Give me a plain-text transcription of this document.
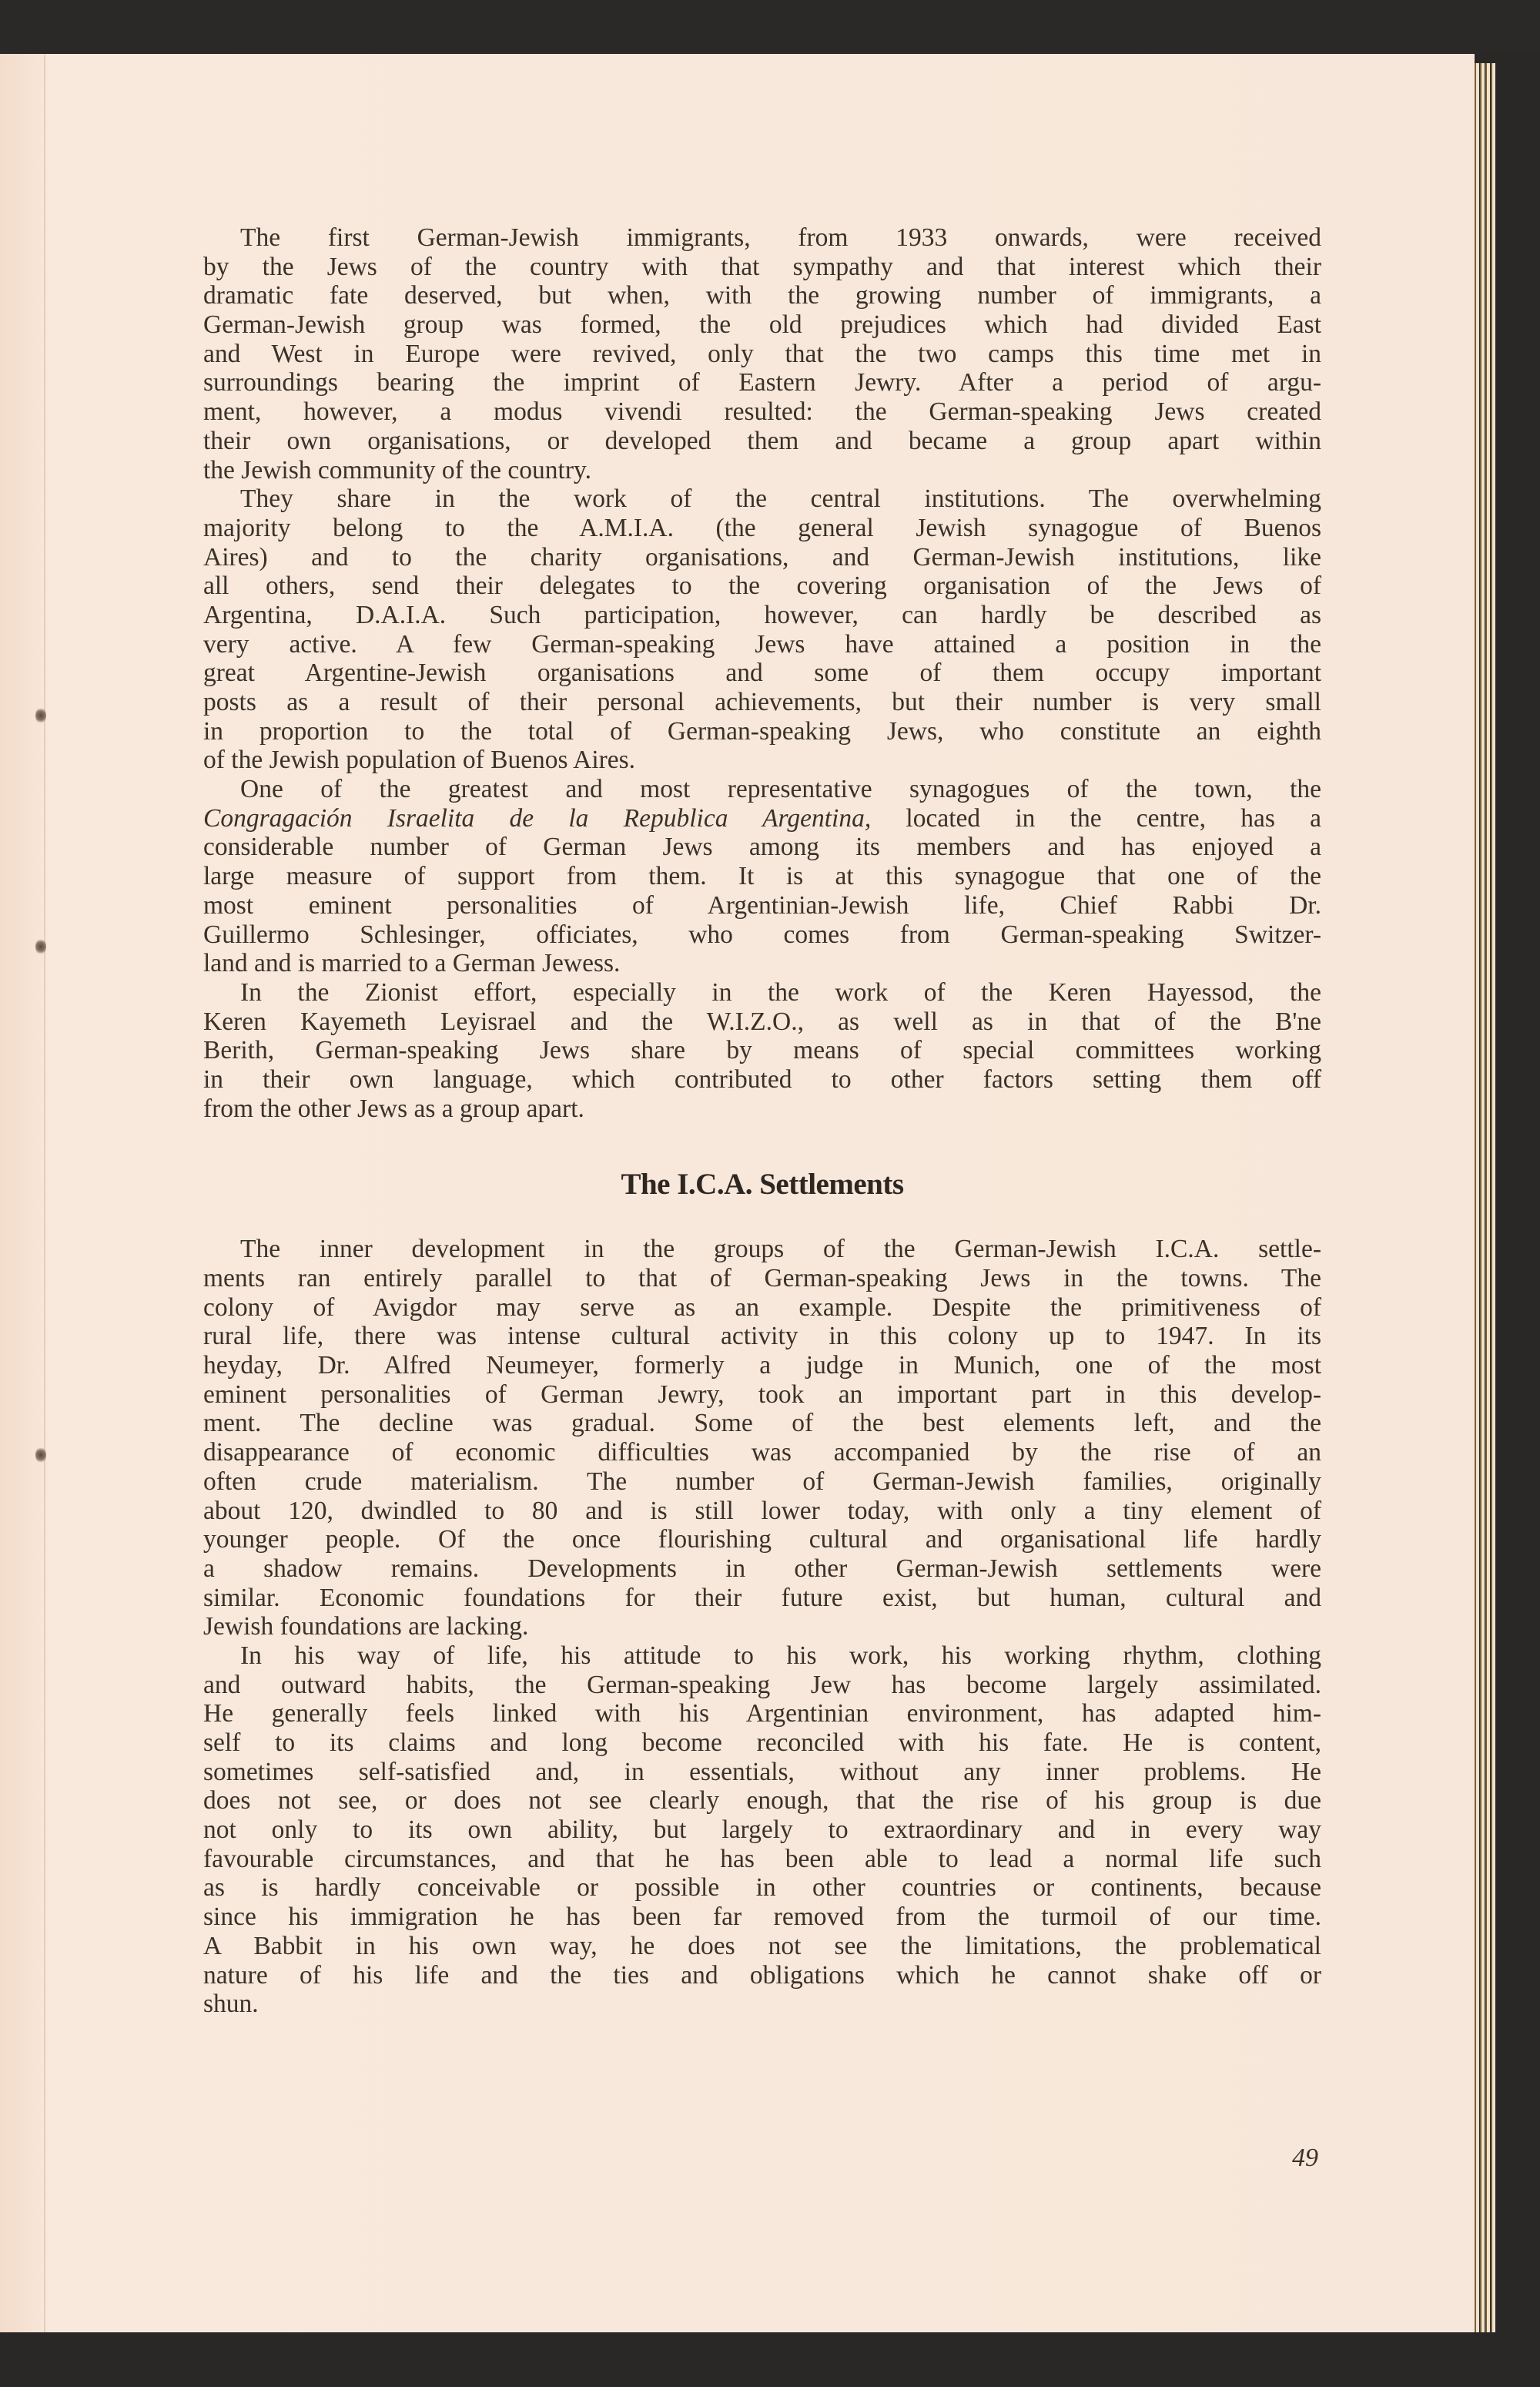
The first German-Jewish immigrants, from 1933 onwards, were received
by the Jews of the country with that sympathy and that interest which their
dramatic fate deserved, but when, with the growing number of immigrants, a
German-Jewish group was formed, the old prejudices which had divided East
and West in Europe were revived, only that the two camps this time met in
surroundings bearing the imprint of Eastern Jewry. After a period of argu-
ment, however, a modus vivendi resulted: the German-speaking Jews created
their own organisations, or developed them and became a group apart within
the Jewish community of the country.
They share in the work of the central institutions. The overwhelming
majority belong to the A.M.I.A. (the general Jewish synagogue of Buenos
Aires) and to the charity organisations, and German-Jewish institutions, like
all others, send their delegates to the covering organisation of the Jews of
Argentina, D.A.I.A. Such participation, however, can hardly be described as
very active. A few German-speaking Jews have attained a position in the
great Argentine-Jewish organisations and some of them occupy important
posts as a result of their personal achievements, but their number is very small
in proportion to the total of German-speaking Jews, who constitute an eighth
of the Jewish population of Buenos Aires.
One of the greatest and most representative synagogues of the town, the
Congragación Israelita de la Republica Argentina, located in the centre, has a
considerable number of German Jews among its members and has enjoyed a
large measure of support from them. It is at this synagogue that one of the
most eminent personalities of Argentinian-Jewish life, Chief Rabbi Dr.
Guillermo Schlesinger, officiates, who comes from German-speaking Switzer-
land and is married to a German Jewess.
In the Zionist effort, especially in the work of the Keren Hayessod, the
Keren Kayemeth Leyisrael and the W.I.Z.O., as well as in that of the B'ne
Berith, German-speaking Jews share by means of special committees working
in their own language, which contributed to other factors setting them off
from the other Jews as a group apart.
The I.C.A. Settlements
The inner development in the groups of the German-Jewish I.C.A. settle-
ments ran entirely parallel to that of German-speaking Jews in the towns. The
colony of Avigdor may serve as an example. Despite the primitiveness of
rural life, there was intense cultural activity in this colony up to 1947. In its
heyday, Dr. Alfred Neumeyer, formerly a judge in Munich, one of the most
eminent personalities of German Jewry, took an important part in this develop-
ment. The decline was gradual. Some of the best elements left, and the
disappearance of economic difficulties was accompanied by the rise of an
often crude materialism. The number of German-Jewish families, originally
about 120, dwindled to 80 and is still lower today, with only a tiny element of
younger people. Of the once flourishing cultural and organisational life hardly
a shadow remains. Developments in other German-Jewish settlements were
similar. Economic foundations for their future exist, but human, cultural and
Jewish foundations are lacking.
In his way of life, his attitude to his work, his working rhythm, clothing
and outward habits, the German-speaking Jew has become largely assimilated.
He generally feels linked with his Argentinian environment, has adapted him-
self to its claims and long become reconciled with his fate. He is content,
sometimes self-satisfied and, in essentials, without any inner problems. He
does not see, or does not see clearly enough, that the rise of his group is due
not only to its own ability, but largely to extraordinary and in every way
favourable circumstances, and that he has been able to lead a normal life such
as is hardly conceivable or possible in other countries or continents, because
since his immigration he has been far removed from the turmoil of our time.
A Babbit in his own way, he does not see the limitations, the problematical
nature of his life and the ties and obligations which he cannot shake off or
shun.
49
